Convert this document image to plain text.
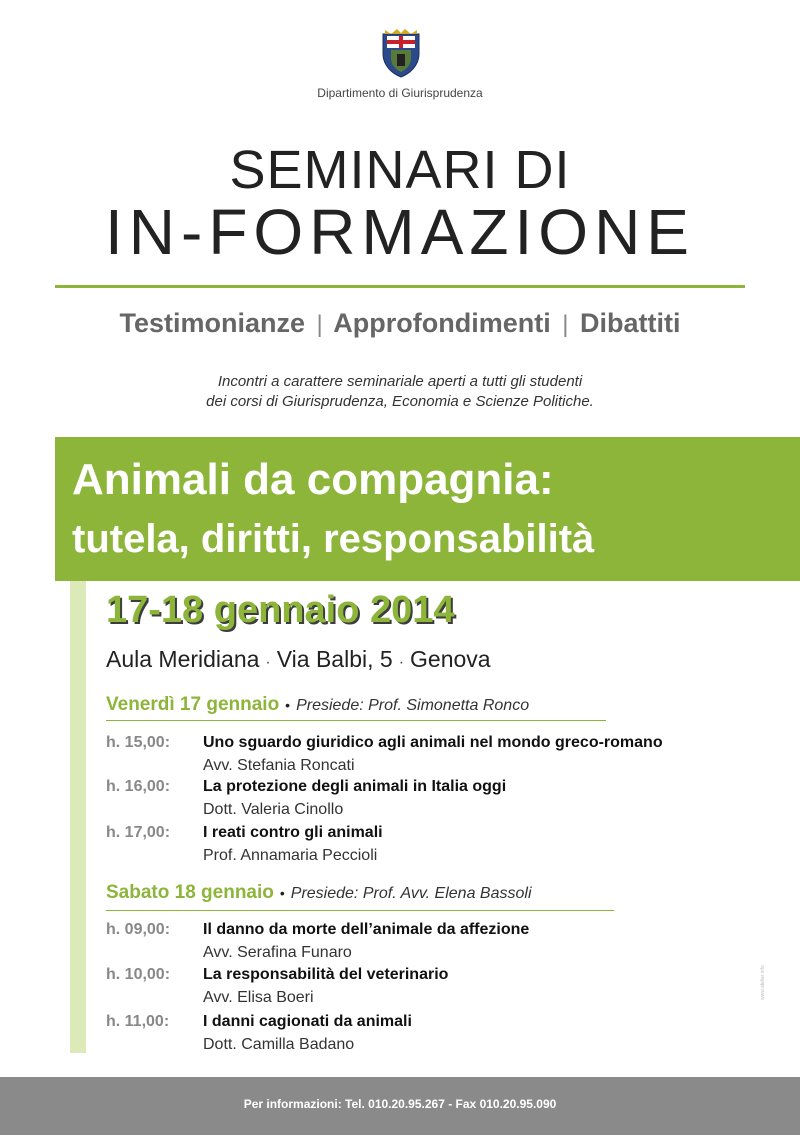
Dipartimento di Giurisprudenza
SEMINARI DI
IN-FORMAZIONE
Testimonianze | Approfondimenti | Dibattiti
Incontri a carattere seminariale aperti a tutti gli studenti
dei corsi di Giurisprudenza, Economia e Scienze Politiche.
Animali da compagnia:
tutela, diritti, responsabilità
17-18 gennaio 2014
Aula Meridiana · Via Balbi, 5 · Genova
Venerdì 17 gennaio • Presiede: Prof. Simonetta Ronco
h. 15,00: Uno sguardo giuridico agli animali nel mondo greco-romano
Avv. Stefania Roncati
h. 16,00: La protezione degli animali in Italia oggi
Dott. Valeria Cinollo
h. 17,00: I reati contro gli animali
Prof. Annamaria Peccioli
Sabato 18 gennaio • Presiede: Prof. Avv. Elena Bassoli
h. 09,00: Il danno da morte dell’animale da affezione
Avv. Serafina Funaro
h. 10,00: La responsabilità del veterinario
Avv. Elisa Boeri
h. 11,00: I danni cagionati da animali
Dott. Camilla Badano
www.atelier.info
Per informazioni: Tel. 010.20.95.267 - Fax 010.20.95.090
